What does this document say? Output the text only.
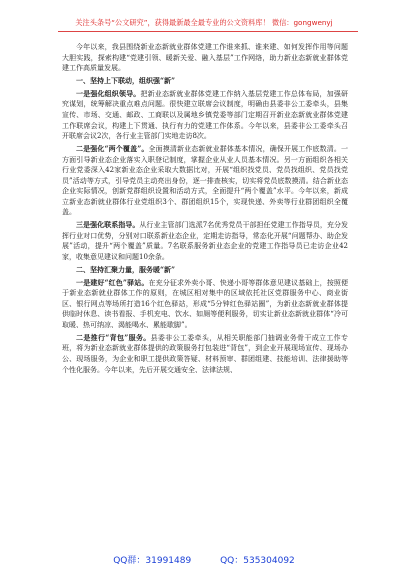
关注头条号“公文研究”，获得最新最全最专业的公文资料库！ 微信：gongwenyj

今年以来，我县围绕新业态新就业群体党建工作谁来抓、谁来建、如何发挥作用等问题大胆实践，探索构建“党建引领、暖新关爱、融入基层”工作网络，助力新业态新就业群体党建工作高质量发展。

一、坚持上下联动，组织强“新”

一是强化组织领导。把新业态新就业群体党建工作纳入基层党建工作总体布局，加强研究谋划，统筹解决重点难点问题。很快建立联席会议制度，明确由县委非公工委牵头，县集宣传、市场、交通、邮政、工商联以及属地乡镇党委等部门定期召开新业态新就业群体党建工作联席会议，构建上下贯通、执行有力的党建工作体系。今年以来，县委非公工委牵头召开联席会议2次，各行业主管部门实地走访8次。

二是强化“两个覆盖”。全面摸清新业态新就业群体基本情况，确保开展工作底数清。一方面引导新业态企业落实入职登记制度，掌握企业从业人员基本情况。另一方面组织各相关行业党委深入42家新业态企业采取大数据比对，开展“组织找党员、党员找组织、党员找党员”活动等方式，引导党员主动亮出身份，逐一排查核实，切实将党员底数摸清。结合新业态企业实际情况，创新党群组织设置和活动方式，全面提升“两个覆盖”水平。今年以来，新成立新业态新就业群体行业党组织3个、群团组织15个，实现快递、外卖等行业群团组织全覆盖。

三是强化联系指导。从行业主管部门选派7名优秀党员干部担任党建工作指导员，充分发挥行业对口优势，分别对口联系新业态企业，定期走访指导，常态化开展“问题帮办、助企发展”活动，提升“两个覆盖”质量。7名联系服务新业态企业的党建工作指导员已走访企业42家，收集意见建议和问题10余条。

二、坚持汇聚力量，服务暖“新”

一是建好“红色”驿站。在充分征求外卖小哥、快递小哥等群体意见建议基础上，按照便于新业态新就业群体工作的原则，在城区相对集中的区域依托社区党群服务中心、商业街区、银行网点等场所打造16个红色驿站，形成“5分钟红色驿站圈”，为新业态新就业群体提供临时休息、读书看报、手机充电、饮水、如厕等便利服务，切实让新业态新就业群体“冷可取暖、热可纳凉、渴能喝水、累能歇脚”。

二是推行“背包”服务。县委非公工委牵头，从相关职能部门抽调业务骨干成立工作专班，将为新业态新就业群体提供的政策服务打包装进“背包”，到企业开展现场宣传、现场办公、现场服务，为企业和职工提供政策答疑、材料预审、群团组建、技能培训、法律援助等个性化服务。今年以来，先后开展交通安全、法律法规、

QQ群：31991489	QQ：535304092
